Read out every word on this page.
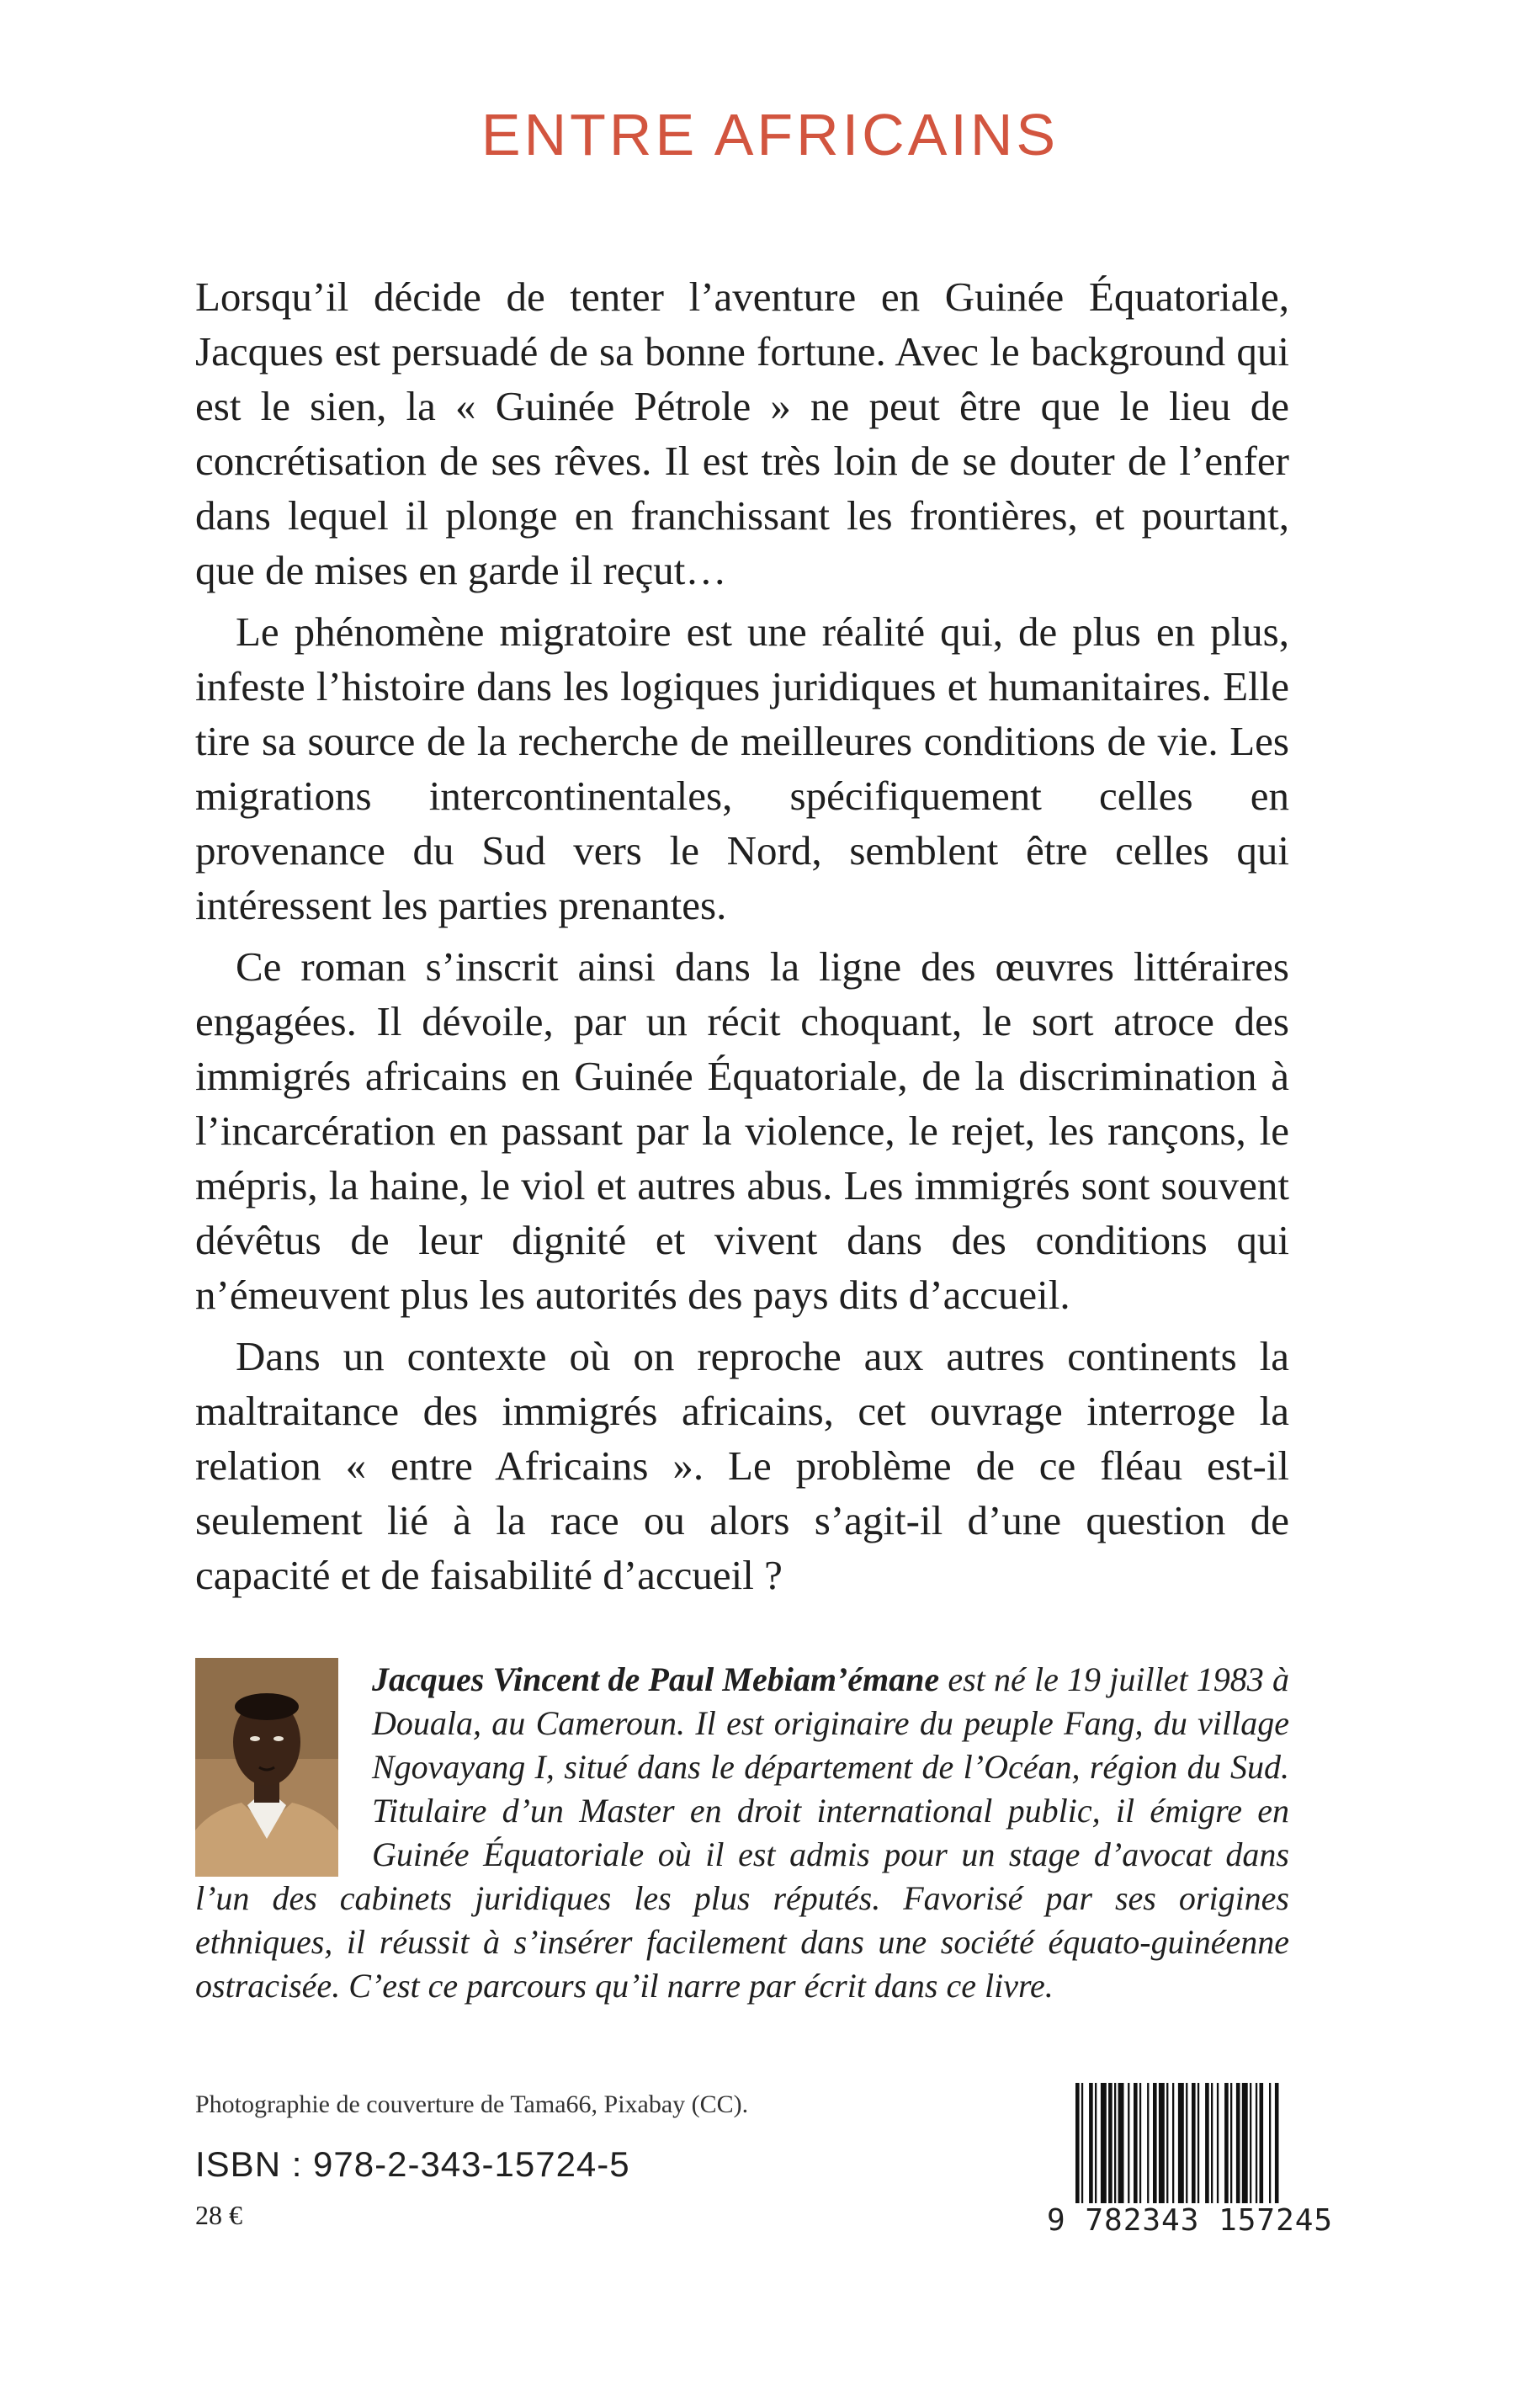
ENTRE AFRICAINS

Lorsqu’il décide de tenter l’aventure en Guinée Équatoriale, Jacques est persuadé de sa bonne fortune. Avec le background qui est le sien, la « Guinée Pétrole » ne peut être que le lieu de concrétisation de ses rêves. Il est très loin de se douter de l’enfer dans lequel il plonge en franchissant les frontières, et pourtant, que de mises en garde il reçut…

Le phénomène migratoire est une réalité qui, de plus en plus, infeste l’histoire dans les logiques juridiques et humanitaires. Elle tire sa source de la recherche de meilleures conditions de vie. Les migrations intercontinentales, spécifiquement celles en provenance du Sud vers le Nord, semblent être celles qui intéressent les parties prenantes.

Ce roman s’inscrit ainsi dans la ligne des œuvres littéraires engagées. Il dévoile, par un récit choquant, le sort atroce des immigrés africains en Guinée Équatoriale, de la discrimination à l’incarcération en passant par la violence, le rejet, les rançons, le mépris, la haine, le viol et autres abus. Les immigrés sont souvent dévêtus de leur dignité et vivent dans des conditions qui n’émeuvent plus les autorités des pays dits d’accueil.

Dans un contexte où on reproche aux autres continents la maltraitance des immigrés africains, cet ouvrage interroge la relation « entre Africains ». Le problème de ce fléau est-il seulement lié à la race ou alors s’agit-il d’une question de capacité et de faisabilité d’accueil ?

Jacques Vincent de Paul Mebiam’émane est né le 19 juillet 1983 à Douala, au Cameroun. Il est originaire du peuple Fang, du village Ngovayang I, situé dans le département de l’Océan, région du Sud. Titulaire d’un Master en droit international public, il émigre en Guinée Équatoriale où il est admis pour un stage d’avocat dans l’un des cabinets juridiques les plus réputés. Favorisé par ses origines ethniques, il réussit à s’insérer facilement dans une société équato-guinéenne ostracisée. C’est ce parcours qu’il narre par écrit dans ce livre.
Photographie de couverture de Tama66, Pixabay (CC).
ISBN : 978-2-343-15724-5
28 €	9 782343 157245
